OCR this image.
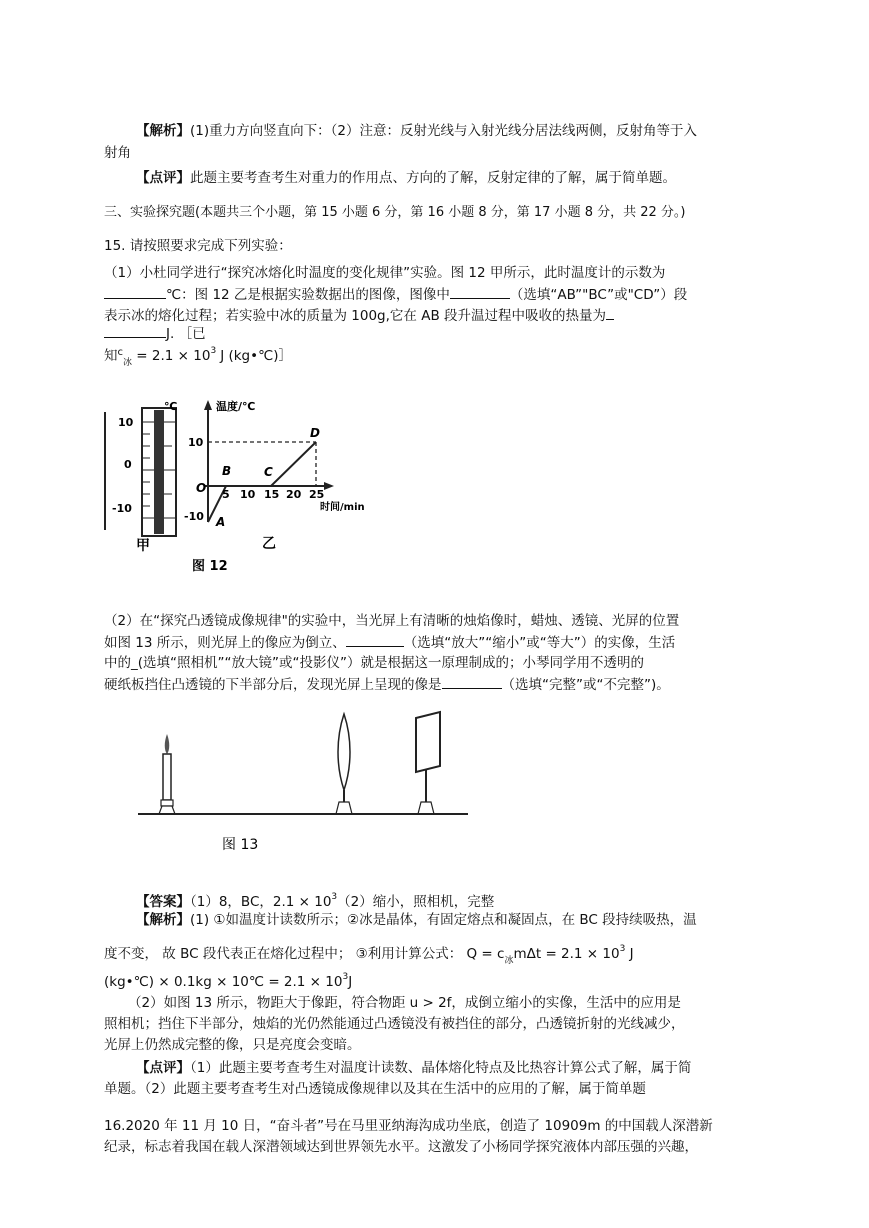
【解析】(1)重力方向竖直向下：（2）注意：反射光线与入射光线分居法线两侧，反射角等于入
射角
【点评】此题主要考查考生对重力的作用点、方向的了解，反射定律的了解，属于简单题。
三、实验探究题(本题共三个小题，第 15 小题 6 分，第 16 小题 8 分，第 17 小题 8 分，共 22 分。)
15. 请按照要求完成下列实验：
（1）小杜同学进行“探究冰熔化时温度的变化规律”实验。图 12 甲所示，此时温度计的示数为
℃：图 12 乙是根据实验数据出的图像，图像中	（选填“AB”"BC”或"CD”）段
表示冰的熔化过程；若实验中冰的质量为 100g,它在 AB 段升温过程中吸收的热量为
J. ［已
知$^c_冰 = 2.1 \times 10^3$ J (kg•℃)］
10
0
-10
℃
甲
温度/℃
时间/min
O
10
-10
5 10 15 20 25
A
B	C
D
乙
图 12
（2）在“探究凸透镜成像规律"的实验中，当光屏上有清晰的烛焰像时，蜡烛、透镜、光屏的位置
如图 13 所示，则光屏上的像应为倒立、	（选填“放大”“缩小”或“等大”）的实像，生活
中的_(选填“照相机”“放大镜”或“投影仪”）就是根据这一原理制成的；小琴同学用不透明的
硬纸板挡住凸透镜的下半部分后，发现光屏上呈现的像是	（选填“完整”或“不完整”)。
图 13
【答案】（1）8，BC，$2.1 \times 10^3(2)$缩小，照相机，完整
【解析】(1) ①如温度计读数所示；②冰是晶体，有固定熔点和凝固点，在 BC 段持续吸热，温
度不变， 故 BC 段代表正在熔化过程中； ③利用计算公式： $Q = c_冰m\Delta t = 2.1 \times 10^3$ J
(kg•℃) × 0.1kg × 10℃ = $2.1 \times 10^3J$
（2）如图 13 所示，物距大于像距，符合物距 u > 2f，成倒立缩小的实像，生活中的应用是
照相机；挡住下半部分，烛焰的光仍然能通过凸透镜没有被挡住的部分，凸透镜折射的光线减少，
光屏上仍然成完整的像，只是亮度会变暗。
【点评】（1）此题主要考查考生对温度计读数、晶体熔化特点及比热容计算公式了解，属于简
单题。（2）此题主要考查考生对凸透镜成像规律以及其在生活中的应用的了解，属于简单题
16.2020 年 11 月 10 日，“奋斗者”号在马里亚纳海沟成功坐底，创造了 10909m 的中国载人深潜新
纪录，标志着我国在载人深潜领域达到世界领先水平。这激发了小杨同学探究液体内部压强的兴趣，
